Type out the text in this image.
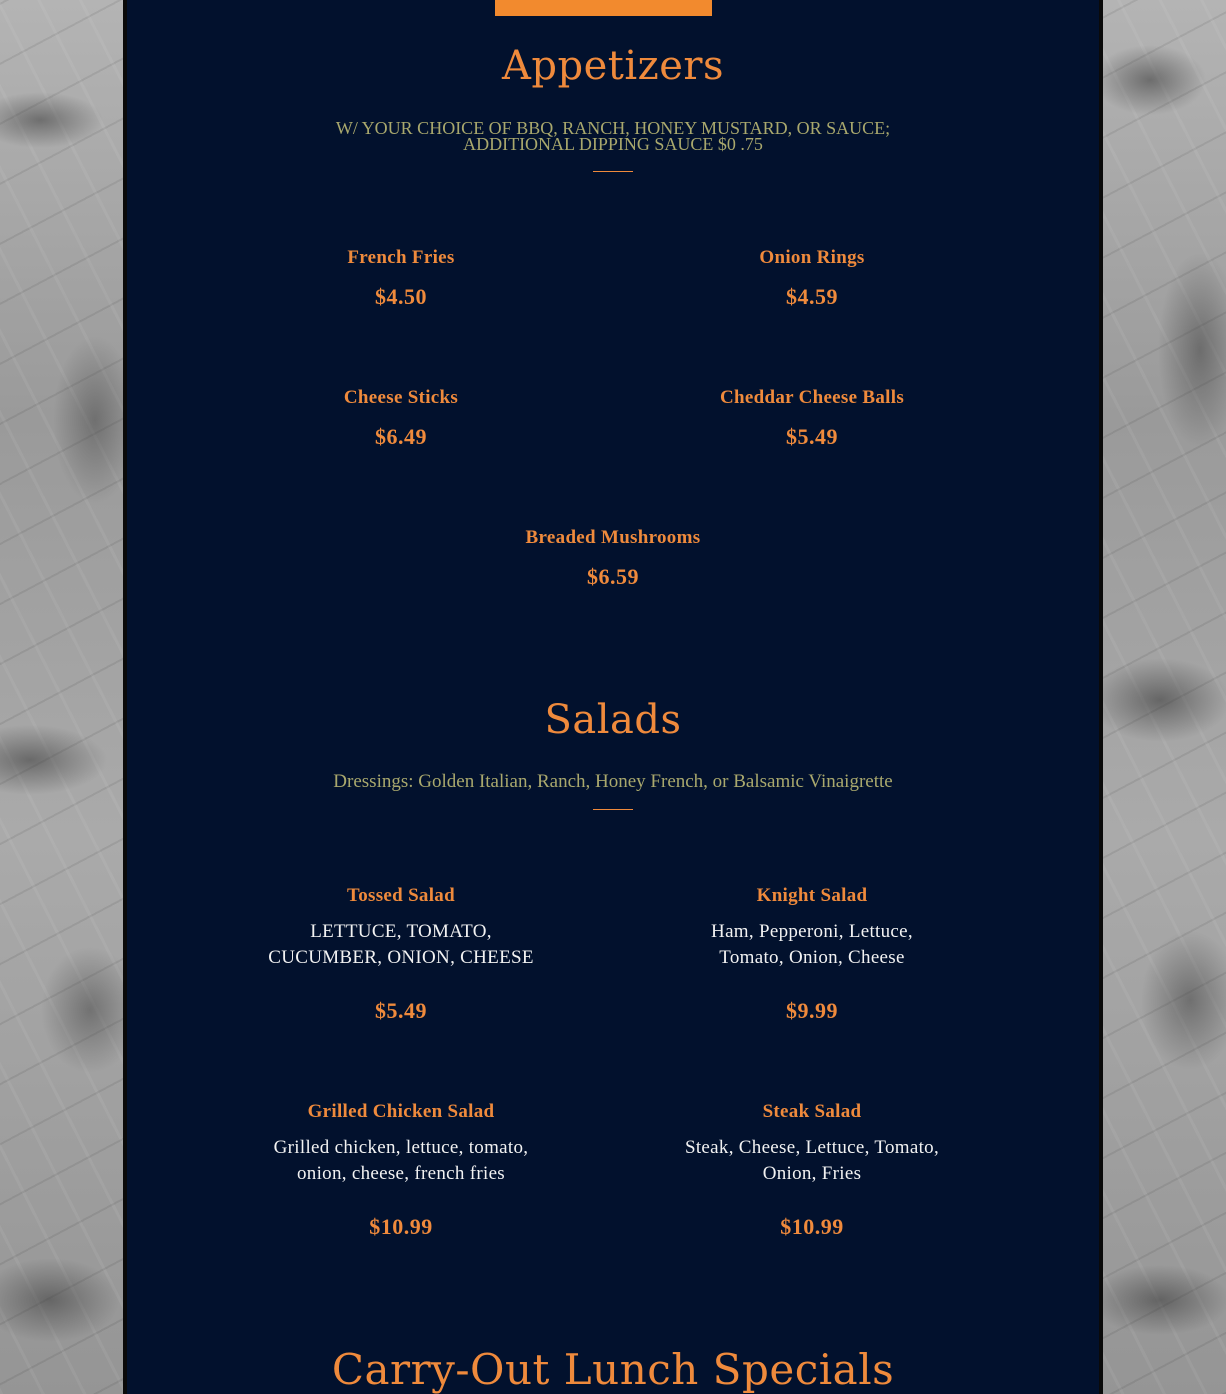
Appetizers
W/ YOUR CHOICE OF BBQ, RANCH, HONEY MUSTARD, OR SAUCE;
ADDITIONAL DIPPING SAUCE $0 .75
French Fries
$4.50
Onion Rings
$4.59
Cheese Sticks
$6.49
Cheddar Cheese Balls
$5.49
Breaded Mushrooms
$6.59
Salads
Dressings: Golden Italian, Ranch, Honey French, or Balsamic Vinaigrette
Tossed Salad
LETTUCE, TOMATO,
CUCUMBER, ONION, CHEESE
$5.49
Knight Salad
Ham, Pepperoni, Lettuce,
Tomato, Onion, Cheese
$9.99
Grilled Chicken Salad
Grilled chicken, lettuce, tomato,
onion, cheese, french fries
$10.99
Steak Salad
Steak, Cheese, Lettuce, Tomato,
Onion, Fries
$10.99
Carry-Out Lunch Specials
